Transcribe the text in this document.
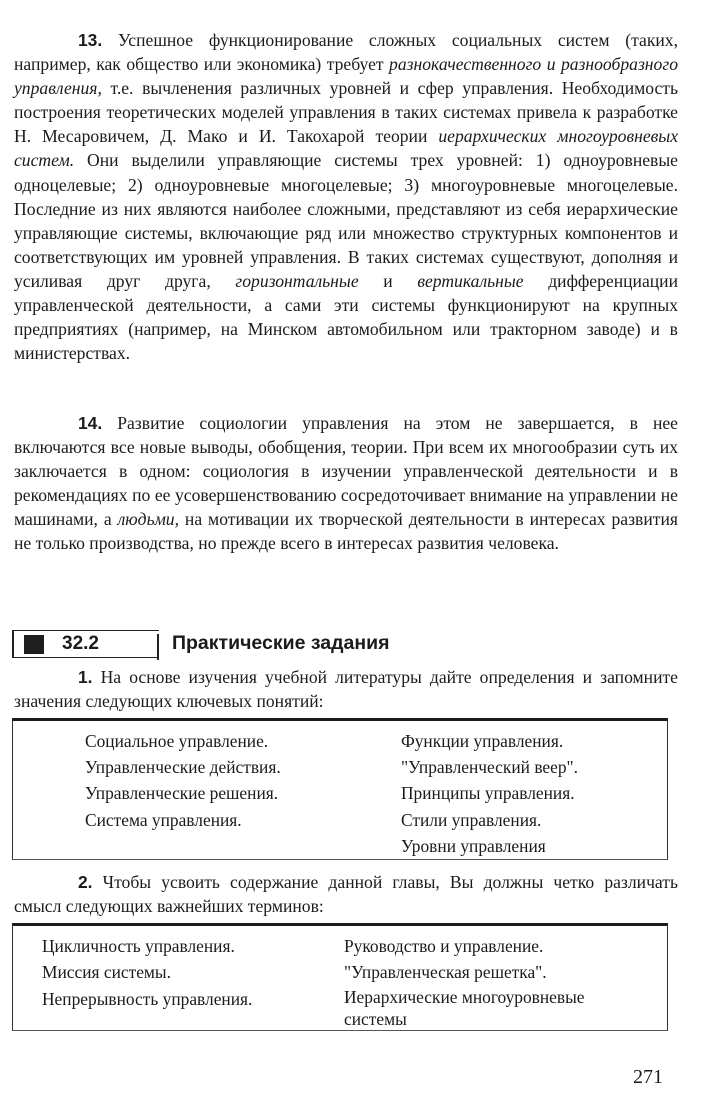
13. Успешное функционирование сложных социальных систем (таких, например, как общество или экономика) требует разнокачественного и разнообразного управления, т.е. вычленения различных уровней и сфер управления. Необходимость построения теоретических моделей управления в таких системах привела к разработке Н. Месаровичем, Д. Мако и И. Такохарой теории иерархических многоуровневых систем. Они выделили управляющие системы трех уровней: 1) одноуровневые одноцелевые; 2) одноуровневые многоцелевые; 3) многоуровневые многоцелевые. Последние из них являются наиболее сложными, представляют из себя иерархические управляющие системы, включающие ряд или множество структурных компонентов и соответствующих им уровней управления. В таких системах существуют, дополняя и усиливая друг друга, горизонтальные и вертикальные дифференциации управленческой деятельности, а сами эти системы функционируют на крупных предприятиях (например, на Минском автомобильном или тракторном заводе) и в министерствах.

14. Развитие социологии управления на этом не завершается, в нее включаются все новые выводы, обобщения, теории. При всем их многообразии суть их заключается в одном: социология в изучении управленческой деятельности и в рекомендациях по ее усовершенствованию сосредоточивает внимание на управлении не машинами, а людьми, на мотивации их творческой деятельности в интересах развития не только производства, но прежде всего в интересах развития человека.

32.2	Практические задания

1. На основе изучения учебной литературы дайте определения и запомните значения следующих ключевых понятий:

Социальное управление.
Управленческие действия.
Управленческие решения.
Система управления.
Функции управления.
"Управленческий веер".
Принципы управления.
Стили управления.
Уровни управления

2. Чтобы усвоить содержание данной главы, Вы должны четко различать смысл следующих важнейших терминов:

Цикличность управления.
Миссия системы.
Непрерывность управления.
Руководство и управление.
"Управленческая решетка".
Иерархические многоуровневые системы
271
